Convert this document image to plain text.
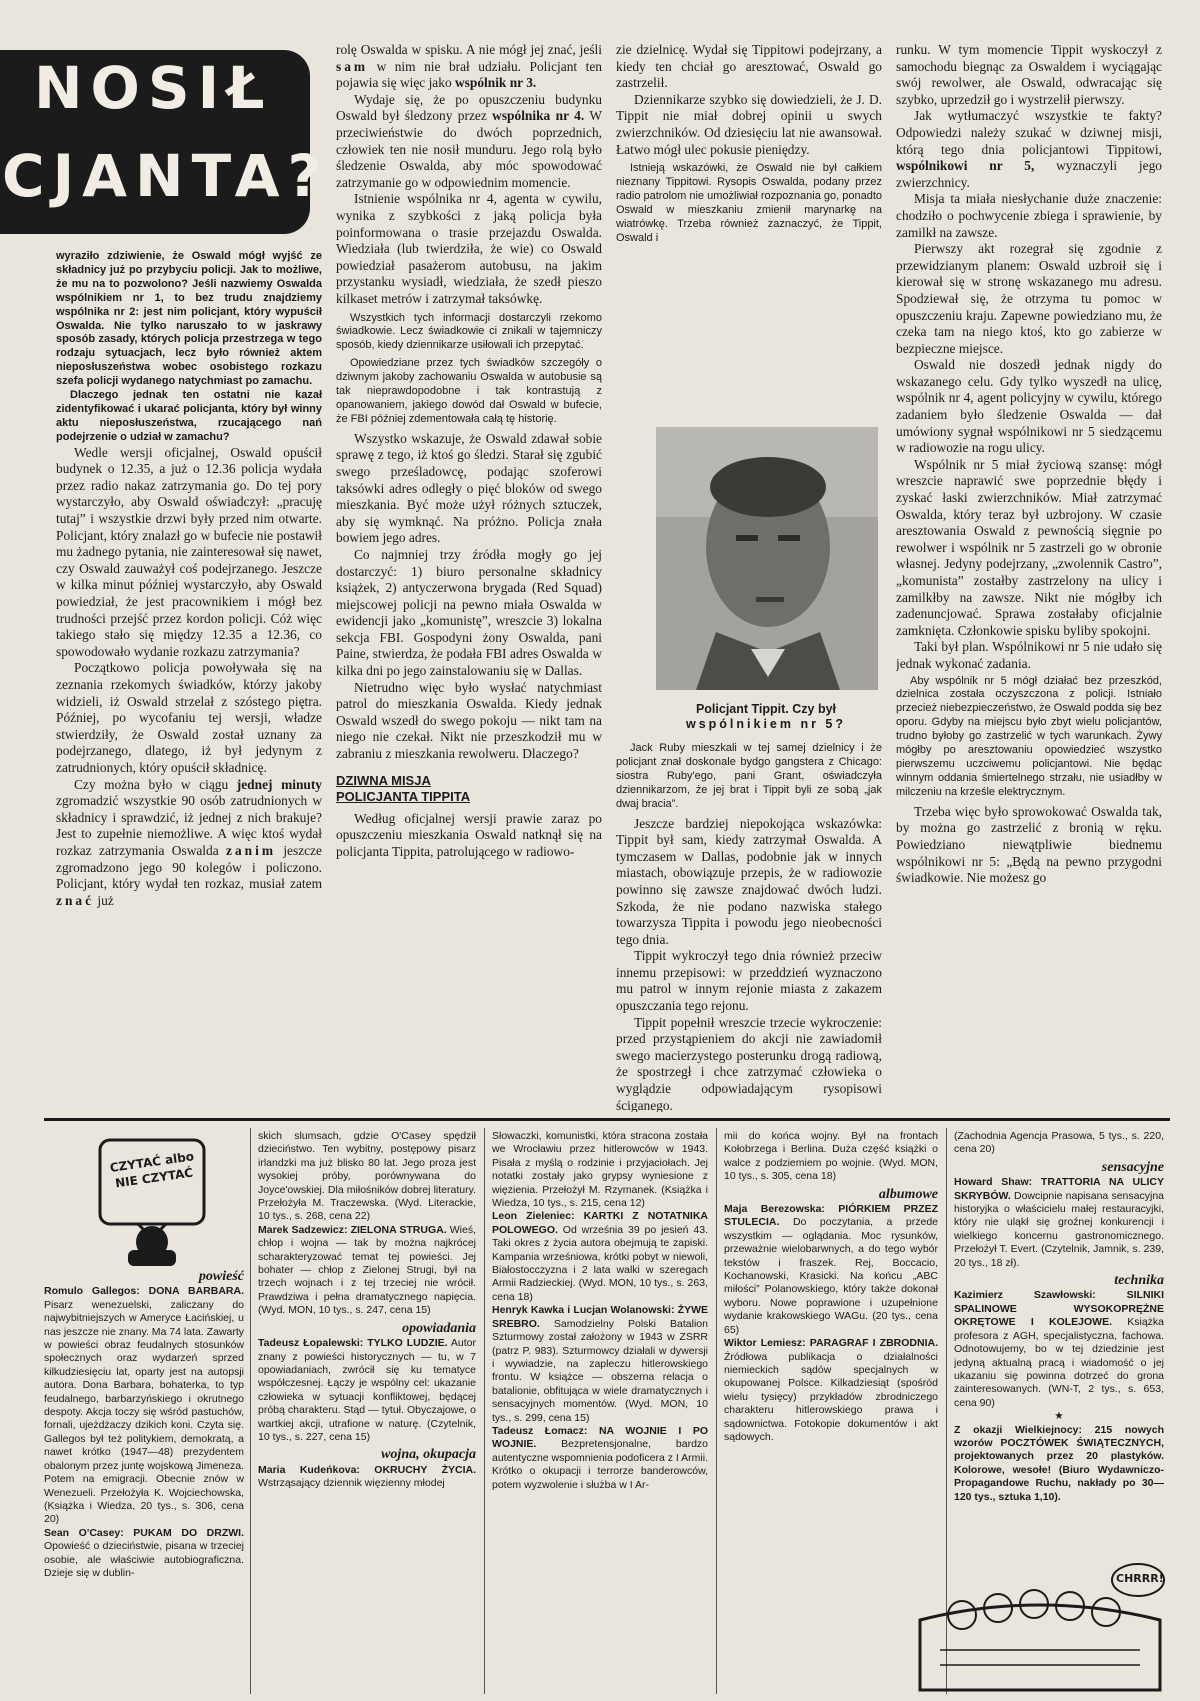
NOSIŁ
CJANTA?
wyraziło zdziwienie, że Oswald mógł wyjść ze składnicy już po przybyciu policji. Jak to możliwe, że mu na to pozwolono? Jeśli nazwiemy Oswalda wspólnikiem nr 1, to bez trudu znajdziemy wspólnika nr 2: jest nim policjant, który wypuścił Oswalda. Nie tylko naruszało to w jaskrawy sposób zasady, których policja przestrzega w tego rodzaju sytuacjach, lecz było również aktem nieposłuszeństwa wobec osobistego rozkazu szefa policji wydanego natychmiast po zamachu.
Dlaczego jednak ten ostatni nie kazał zidentyfikować i ukarać policjanta, który był winny aktu nieposłuszeństwa, rzucającego nań podejrzenie o udział w zamachu?

Wedle wersji oficjalnej, Oswald opuścił budynek o 12.35, a już o 12.36 policja wydała przez radio nakaz zatrzymania go. Do tej pory wystarczyło, aby Oswald oświadczył: „pracuję tutaj” i wszystkie drzwi były przed nim otwarte. Policjant, który znalazł go w bufecie nie postawił mu żadnego pytania, nie zainteresował się nawet, czy Oswald zauważył coś podejrzanego. Jeszcze w kilka minut później wystarczyło, aby Oswald powiedział, że jest pracownikiem i mógł bez trudności przejść przez kordon policji. Cóż więc takiego stało się między 12.35 a 12.36, co spowodowało wydanie rozkazu zatrzymania?

Początkowo policja powoływała się na zeznania rzekomych świadków, którzy jakoby widzieli, iż Oswald strzelał z szóstego piętra. Później, po wycofaniu tej wersji, władze stwierdziły, że Oswald został uznany za podejrzanego, dlatego, iż był jedynym z zatrudnionych, który opuścił składnicę.

Czy można było w ciągu jednej minuty zgromadzić wszystkie 90 osób zatrudnionych w składnicy i sprawdzić, iż jednej z nich brakuje? Jest to zupełnie niemożliwe. A więc ktoś wydał rozkaz zatrzymania Oswalda zanim jeszcze zgromadzono jego 90 kolegów i policzono. Policjant, który wydał ten rozkaz, musiał zatem znać już

rolę Oswalda w spisku. A nie mógł jej znać, jeśli sam w nim nie brał udziału. Policjant ten pojawia się więc jako wspólnik nr 3.

Wydaje się, że po opuszczeniu budynku Oswald był śledzony przez wspólnika nr 4. W przeciwieństwie do dwóch poprzednich, człowiek ten nie nosił munduru. Jego rolą było śledzenie Oswalda, aby móc spowodować zatrzymanie go w odpowiednim momencie.

Istnienie wspólnika nr 4, agenta w cywilu, wynika z szybkości z jaką policja była poinformowana o trasie przejazdu Oswalda. Wiedziała (lub twierdziła, że wie) co Oswald powiedział pasażerom autobusu, na jakim przystanku wysiadł, wiedziała, że szedł pieszo kilkaset metrów i zatrzymał taksówkę.

Wszystkich tych informacji dostarczyli rzekomo świadkowie. Lecz świadkowie ci znikali w tajemniczy sposób, kiedy dziennikarze usiłowali ich przepytać.
Opowiedziane przez tych świadków szczegóły o dziwnym jakoby zachowaniu Oswalda w autobusie są tak nieprawdopodobne i tak kontrastują z opanowaniem, jakiego dowód dał Oswald w bufecie, że FBI później zdementowała całą tę historię.

Wszystko wskazuje, że Oswald zdawał sobie sprawę z tego, iż ktoś go śledzi. Starał się zgubić swego prześladowcę, podając szoferowi taksówki adres odległy o pięć bloków od swego mieszkania. Być może użył różnych sztuczek, aby się wymknąć. Na próżno. Policja znała bowiem jego adres.

Co najmniej trzy źródła mogły go jej dostarczyć: 1) biuro personalne składnicy książek, 2) antyczerwona brygada (Red Squad) miejscowej policji na pewno miała Oswalda w ewidencji jako „komunistę”, wreszcie 3) lokalna sekcja FBI. Gospodyni żony Oswalda, pani Paine, stwierdza, że podała FBI adres Oswalda w kilka dni po jego zainstalowaniu się w Dallas.

Nietrudno więc było wysłać natychmiast patrol do mieszkania Oswalda. Kiedy jednak Oswald wszedł do swego pokoju — nikt tam na niego nie czekał. Nikt nie przeszkodził mu w zabraniu z mieszkania rewolweru. Dlaczego?

DZIWNA MISJA
POLICJANTA TIPPITA

Według oficjalnej wersji prawie zaraz po opuszczeniu mieszkania Oswald natknął się na policjanta Tippita, patrolującego w radiowo-

zie dzielnicę. Wydał się Tippitowi podejrzany, a kiedy ten chciał go aresztować, Oswald go zastrzelił.

Dziennikarze szybko się dowiedzieli, że J. D. Tippit nie miał dobrej opinii u swych zwierzchników. Od dziesięciu lat nie awansował. Łatwo mógł ulec pokusie pieniędzy.

Istnieją wskazówki, że Oswald nie był całkiem nieznany Tippitowi. Rysopis Oswalda, podany przez radio patrolom nie umożliwiał rozpoznania go, ponadto Oswald w mieszkaniu zmienił marynarkę na wiatrówkę. Trzeba również zaznaczyć, że Tippit, Oswald i
Policjant Tippit. Czy był
wspólnikiem nr 5?
Jack Ruby mieszkali w tej samej dzielnicy i że policjant znał doskonale bydgo gangstera z Chicago: siostra Ruby'ego, pani Grant, oświadczyła dziennikarzom, że jej brat i Tippit byli ze sobą „jak dwaj bracia”.

Jeszcze bardziej niepokojąca wskazówka: Tippit był sam, kiedy zatrzymał Oswalda. A tymczasem w Dallas, podobnie jak w innych miastach, obowiązuje przepis, że w radiowozie powinno się zawsze znajdować dwóch ludzi. Szkoda, że nie podano nazwiska stałego towarzysza Tippita i powodu jego nieobecności tego dnia.

Tippit wykroczył tego dnia również przeciw innemu przepisowi: w przeddzień wyznaczono mu patrol w innym rejonie miasta z zakazem opuszczania tego rejonu.

Tippit popełnił wreszcie trzecie wykroczenie: przed przystąpieniem do akcji nie zawiadomił swego macierzystego posterunku drogą radiową, że spostrzegł i chce zatrzymać człowieka o wyglądzie odpowiadającym rysopisowi ściganego.

runku. W tym momencie Tippit wyskoczył z samochodu biegnąc za Oswaldem i wyciągając swój rewolwer, ale Oswald, odwracając się szybko, uprzedził go i wystrzelił pierwszy.

Jak wytłumaczyć wszystkie te fakty? Odpowiedzi należy szukać w dziwnej misji, którą tego dnia policjantowi Tippitowi, wspólnikowi nr 5, wyznaczyli jego zwierzchnicy.

Misja ta miała niesłychanie duże znaczenie: chodziło o pochwycenie zbiega i sprawienie, by zamilkł na zawsze.

Pierwszy akt rozegrał się zgodnie z przewidzianym planem: Oswald uzbroił się i kierował się w stronę wskazanego mu adresu. Spodziewał się, że otrzyma tu pomoc w opuszczeniu kraju. Zapewne powiedziano mu, że czeka tam na niego ktoś, kto go zabierze w bezpieczne miejsce.

Oswald nie doszedł jednak nigdy do wskazanego celu. Gdy tylko wyszedł na ulicę, wspólnik nr 4, agent policyjny w cywilu, którego zadaniem było śledzenie Oswalda — dał umówiony sygnał wspólnikowi nr 5 siedzącemu w radiowozie na rogu ulicy.

Wspólnik nr 5 miał życiową szansę: mógł wreszcie naprawić swe poprzednie błędy i zyskać łaski zwierzchników. Miał zatrzymać Oswalda, który teraz był uzbrojony. W czasie aresztowania Oswald z pewnością sięgnie po rewolwer i wspólnik nr 5 zastrzeli go w obronie własnej. Jedyny podejrzany, „zwolennik Castro”, „komunista” zostałby zastrzelony na ulicy i zamilkłby na zawsze. Nikt nie mógłby ich zadenuncjować. Sprawa zostałaby oficjalnie zamknięta. Członkowie spisku byliby spokojni.

Taki był plan. Wspólnikowi nr 5 nie udało się jednak wykonać zadania.

Aby wspólnik nr 5 mógł działać bez przeszkód, dzielnica została oczyszczona z policji. Istniało przecież niebezpieczeństwo, że Oswald podda się bez oporu. Gdyby na miejscu było zbyt wielu policjantów, trudno byłoby go zastrzelić w tych warunkach. Żywy mógłby po aresztowaniu opowiedzieć wszystko pierwszemu uczciwemu policjantowi. Nie będąc winnym oddania śmiertelnego strzału, nie usiadłby w milczeniu na krześle elektrycznym.

Trzeba więc było sprowokować Oswalda tak, by można go zastrzelić z bronią w ręku. Powiedziano niewątpliwie biednemu wspólnikowi nr 5: „Będą na pewno przygodni świadkowie. Nie możesz go

CZYTAĆ albo NIE CZYTAĆ
powieść

Romulo Gallegos: DONA BARBARA. Pisarz wenezuelski, zaliczany do najwybitniejszych w Ameryce Łacińskiej, u nas jeszcze nie znany. Ma 74 lata. Zawarty w powieści obraz feudalnych stosunków społecznych oraz wydarzeń sprzed kilkudziesięciu lat, oparty jest na autopsji autora. Dona Barbara, bohaterka, to typ feudalnego, barbarzyńskiego i okrutnego despoty. Akcja toczy się wśród pastuchów, fornali, ujeżdżaczy dzikich koni. Czyta się. Gallegos był też politykiem, demokratą, a nawet krótko (1947—48) prezydentem obalonym przez juntę wojskową Jimeneza. Potem na emigracji. Obecnie znów w Wenezueli. Przełożyła K. Wojciechowska, (Książka i Wiedza, 20 tys., s. 306, cena 20)

Sean O'Casey: PUKAM DO DRZWI. Opowieść o dzieciństwie, pisana w trzeciej osobie, ale właściwie autobiograficzna. Dzieje się w dublin-

skich slumsach, gdzie O'Casey spędził dzieciństwo. Ten wybitny, postępowy pisarz irlandzki ma już blisko 80 lat. Jego proza jest wysokiej próby, porównywana do Joyce'owskiej. Dla miłośników dobrej literatury. Przełożyła M. Traczewska. (Wyd. Literackie, 10 tys., s. 268, cena 22)

Marek Sadzewicz: ZIELONA STRUGA. Wieś, chłop i wojna — tak by można najkrócej scharakteryzować temat tej powieści. Jej bohater — chłop z Zielonej Strugi, był na trzech wojnach i z tej trzeciej nie wrócił. Prawdziwa i pełna dramatycznego napięcia. (Wyd. MON, 10 tys., s. 247, cena 15)

opowiadania

Tadeusz Łopalewski: TYLKO LUDZIE. Autor znany z powieści historycznych — tu, w 7 opowiadaniach, zwrócił się ku tematyce współczesnej. Łączy je wspólny cel: ukazanie człowieka w sytuacji konfliktowej, będącej próbą charakteru. Stąd — tytuł. Obyczajowe, o wartkiej akcji, utrafione w naturę. (Czytelnik, 10 tys., s. 227, cena 15)

wojna, okupacja

Maria Kudeńkova: OKRUCHY ŻYCIA. Wstrząsający dziennik więzienny młodej

Słowaczki, komunistki, która stracona została we Wrocławiu przez hitlerowców w 1943. Pisała z myślą o rodzinie i przyjaciołach. Jej notatki zostały jako grypsy wyniesione z więzienia. Przełożył M. Rzymanek. (Książka i Wiedza, 10 tys., s. 215, cena 12)

Leon Zieleniec: KARTKI Z NOTATNIKA POLOWEGO. Od września 39 po jesień 43. Taki okres z życia autora obejmują te zapiski. Kampania wrześniowa, krótki pobyt w niewoli, Białostocczyzna i 2 lata walki w szeregach Armii Radzieckiej. (Wyd. MON, 10 tys., s. 263, cena 18)

Henryk Kawka i Lucjan Wolanowski: ŻYWE SREBRO. Samodzielny Polski Batalion Szturmowy został założony w 1943 w ZSRR (patrz P. 983). Szturmowcy działali w dywersji i wywiadzie, na zapleczu hitlerowskiego frontu. W książce — obszerna relacja o batalionie, obfitująca w wiele dramatycznych i sensacyjnych momentów. (Wyd. MON, 10 tys., s. 299, cena 15)

Tadeusz Łomacz: NA WOJNIE I PO WOJNIE. Bezpretensjonalne, bardzo autentyczne wspomnienia podoficera z I Armii. Krótko o okupacji i terrorze banderowców, potem wyzwolenie i służba w I Ar-

mii do końca wojny. Był na frontach Kołobrzega i Berlina. Duża część książki o walce z podziemiem po wojnie. (Wyd. MON, 10 tys., s. 305, cena 18)

albumowe

Maja Berezowska: PIÓRKIEM PRZEZ STULECIA. Do poczytania, a przede wszystkim — oglądania. Moc rysunków, przeważnie wielobarwnych, a do tego wybór tekstów i fraszek. Rej, Boccacio, Kochanowski, Krasicki. Na końcu „ABC miłości” Polanowskiego, który także dokonał wyboru. Nowe poprawione i uzupełnione wydanie krakowskiego WAGu. (20 tys., cena 65)

Wiktor Lemiesz: PARAGRAF I ZBRODNIA. Źródłowa publikacja o działalności niemieckich sądów specjalnych w okupowanej Polsce. Kilkadziesiąt (spośród wielu tysięcy) przykładów zbrodniczego charakteru hitlerowskiego prawa i sądownictwa. Fotokopie dokumentów i akt sądowych.

(Zachodnia Agencja Prasowa, 5 tys., s. 220, cena 20)

sensacyjne

Howard Shaw: TRATTORIA NA ULICY SKRYBÓW. Dowcipnie napisana sensacyjna historyjka o właścicielu małej restauracyjki, który nie uląkł się groźnej konkurencji i wielkiego koncernu gastronomicznego. Przełożył T. Evert. (Czytelnik, Jamnik, s. 239, 20 tys., 18 zł).

technika

Kazimierz Szawłowski: SILNIKI SPALINOWE WYSOKOPRĘŻNE OKRĘTOWE I KOLEJOWE. Książka profesora z AGH, specjalistyczna, fachowa. Odnotowujemy, bo w tej dziedzinie jest jedyną aktualną pracą i wiadomość o jej ukazaniu się powinna dotrzeć do grona zainteresowanych. (WN-T, 2 tys., s. 653, cena 90)

★

Z okazji Wielkiejnocy: 215 nowych wzorów POCZTÓWEK ŚWIĄTECZNYCH, projektowanych przez 20 plastyków. Kolorowe, wesołe! (Biuro Wydawniczo-Propagandowe Ruchu, nakłady po 30—120 tys., sztuka 1,10).

CHRRR!
